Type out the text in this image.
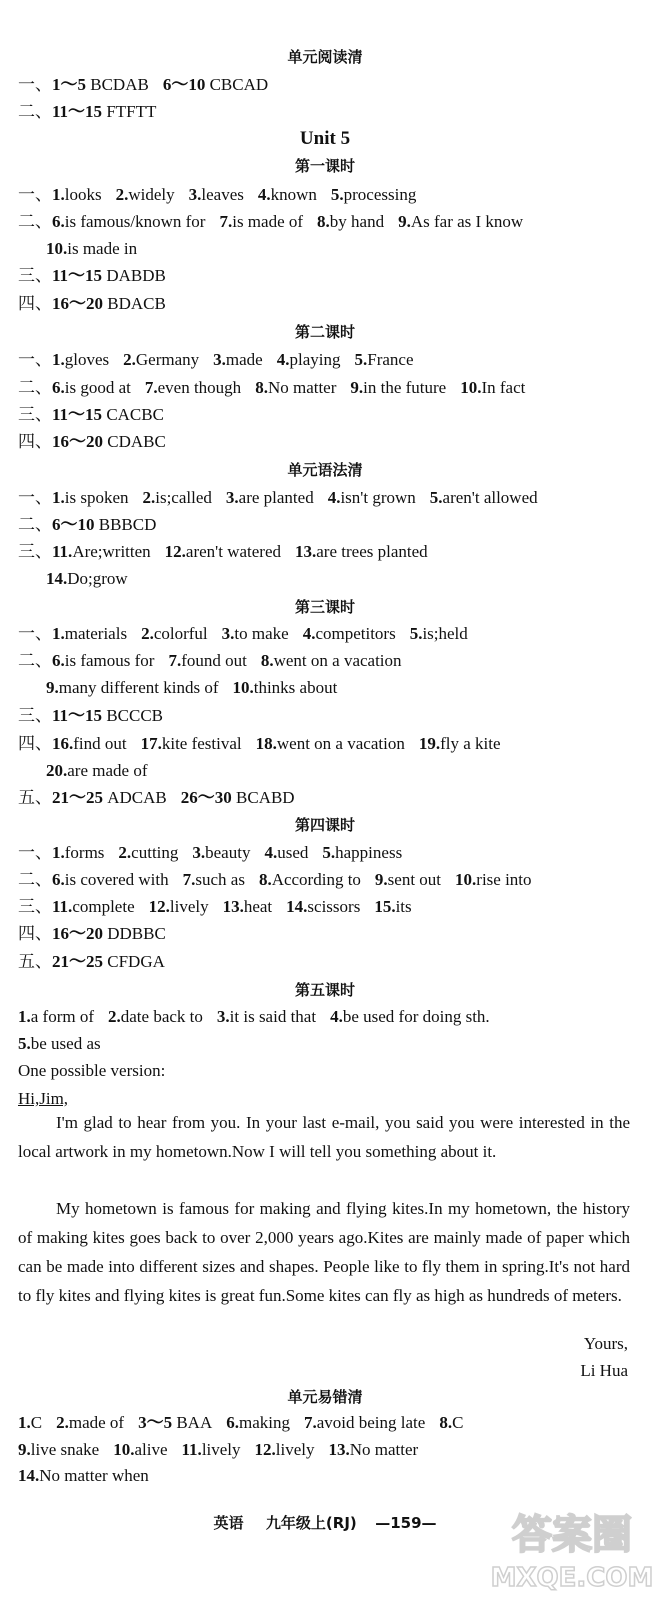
单元阅读清
一、1～5 BCDAB 6～10 CBCAD
二、11～15 FTFTT
Unit 5
第一课时
一、1.looks 2.widely 3.leaves 4.known 5.processing
二、6.is famous/known for 7.is made of 8.by hand 9.As far as I know
10.is made in
三、11～15 DABDB
四、16～20 BDACB
第二课时
一、1.gloves 2.Germany 3.made 4.playing 5.France
二、6.is good at 7.even though 8.No matter 9.in the future 10.In fact
三、11～15 CACBC
四、16～20 CDABC
单元语法清
一、1.is spoken 2.is;called 3.are planted 4.isn't grown 5.aren't allowed
二、6～10 BBBCD
三、11.Are;written 12.aren't watered 13.are trees planted
14.Do;grow
第三课时
一、1.materials 2.colorful 3.to make 4.competitors 5.is;held
二、6.is famous for 7.found out 8.went on a vacation
9.many different kinds of 10.thinks about
三、11～15 BCCCB
四、16.find out 17.kite festival 18.went on a vacation 19.fly a kite
20.are made of
五、21～25 ADCAB 26～30 BCABD
第四课时
一、1.forms 2.cutting 3.beauty 4.used 5.happiness
二、6.is covered with 7.such as 8.According to 9.sent out 10.rise into
三、11.complete 12.lively 13.heat 14.scissors 15.its
四、16～20 DDBBC
五、21～25 CFDGA
第五课时
1.a form of 2.date back to 3.it is said that 4.be used for doing sth.
5.be used as
One possible version:
Hi,Jim,
I'm glad to hear from you. In your last e-mail, you said you were interested in the local artwork in my hometown.Now I will tell you something about it.
My hometown is famous for making and flying kites.In my hometown, the history of making kites goes back to over 2,000 years ago.Kites are mainly made of paper which can be made into different sizes and shapes. People like to fly them in spring.It's not hard to fly kites and flying kites is great fun.Some kites can fly as high as hundreds of meters.
Yours,
Li Hua
单元易错清
1.C 2.made of 3～5 BAA 6.making 7.avoid being late 8.C
9.live snake 10.alive 11.lively 12.lively 13.No matter
14.No matter when
英语 九年级上(RJ) —159—	答案圈
MXQE.COM
